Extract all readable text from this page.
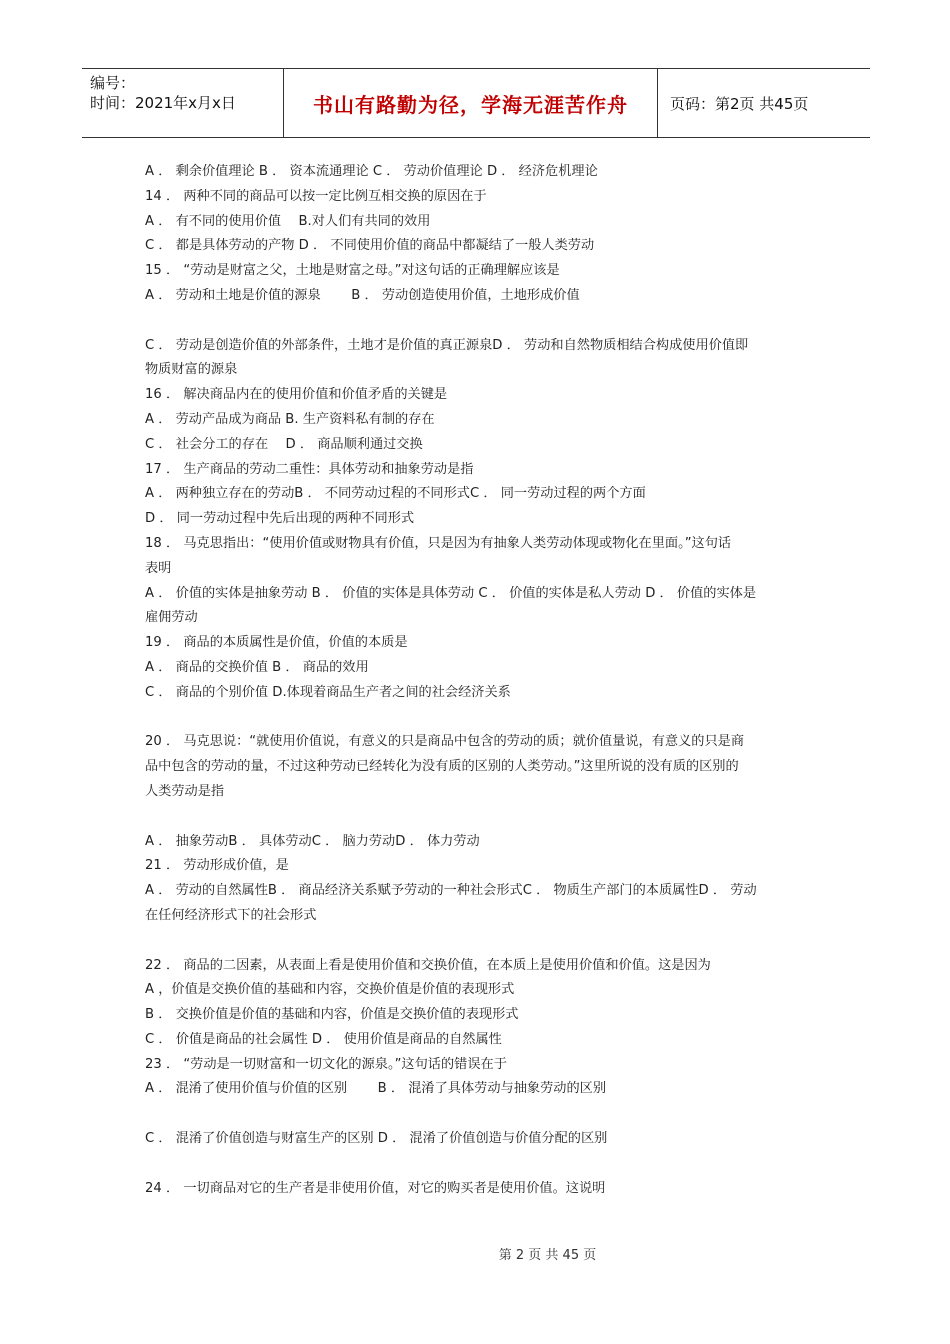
编号：
时间：2021年x月x日	书山有路勤为径，学海无涯苦作舟	页码：第2页 共45页
A ． 剩余价值理论 B ． 资本流通理论 C ． 劳动价值理论 D ． 经济危机理论
14 ． 两种不同的商品可以按一定比例互相交换的原因在于
A ． 有不同的使用价值　 B.对人们有共同的效用
C ． 都是具体劳动的产物 D ． 不同使用价值的商品中都凝结了一般人类劳动
15 ． “劳动是财富之父，土地是财富之母。”对这句话的正确理解应该是
A ． 劳动和土地是价值的源泉　　 B ． 劳动创造使用价值，土地形成价值
C ． 劳动是创造价值的外部条件，土地才是价值的真正源泉D ． 劳动和自然物质相结合构成使用价值即
物质财富的源泉
16 ． 解决商品内在的使用价值和价值矛盾的关键是
A ． 劳动产品成为商品 B. 生产资料私有制的存在
C ． 社会分工的存在　 D ． 商品顺利通过交换
17 ． 生产商品的劳动二重性：具体劳动和抽象劳动是指
A ． 两种独立存在的劳动B ． 不同劳动过程的不同形式C ． 同一劳动过程的两个方面
D ． 同一劳动过程中先后出现的两种不同形式
18 ． 马克思指出：“使用价值或财物具有价值，只是因为有抽象人类劳动体现或物化在里面。”这句话
表明
A ． 价值的实体是抽象劳动 B ． 价值的实体是具体劳动 C ． 价值的实体是私人劳动 D ． 价值的实体是
雇佣劳动
19 ． 商品的本质属性是价值，价值的本质是
A ． 商品的交换价值 B ． 商品的效用
C ． 商品的个别价值 D.体现着商品生产者之间的社会经济关系
20 ． 马克思说：“就使用价值说，有意义的只是商品中包含的劳动的质；就价值量说，有意义的只是商
品中包含的劳动的量，不过这种劳动已经转化为没有质的区别的人类劳动。”这里所说的没有质的区别的
人类劳动是指
A ． 抽象劳动B ． 具体劳动C ． 脑力劳动D ． 体力劳动
21 ． 劳动形成价值，是
A ． 劳动的自然属性B ． 商品经济关系赋予劳动的一种社会形式C ． 物质生产部门的本质属性D ． 劳动
在任何经济形式下的社会形式
22 ． 商品的二因素，从表面上看是使用价值和交换价值，在本质上是使用价值和价值。这是因为
A ，价值是交换价值的基础和内容，交换价值是价值的表现形式
B ． 交换价值是价值的基础和内容，价值是交换价值的表现形式
C ． 价值是商品的社会属性 D ． 使用价值是商品的自然属性
23 ． “劳动是一切财富和一切文化的源泉。”这句话的错误在于
A ． 混淆了使用价值与价值的区别　　 B ． 混淆了具体劳动与抽象劳动的区别
C ． 混淆了价值创造与财富生产的区别 D ． 混淆了价值创造与价值分配的区别
24 ． 一切商品对它的生产者是非使用价值，对它的购买者是使用价值。这说明
第 2 页 共 45 页
